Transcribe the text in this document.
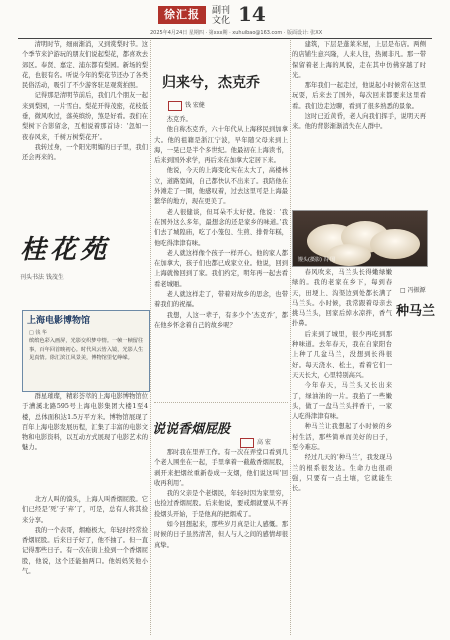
徐汇报	副刊
文化 14
2025年4月24日 星期四 · 第xxx期 · xuhuibao@163.com · 版面设计: 张XX

清明时节，细雨渐消，又到赏梨时节。这个季节来沪游玩的朋友们说起梨花，都喜欢去郊区。奉贤、嘉定、浦东都有梨园。新场的梨花，也很有名。听说今年的梨花节还办了各类民俗活动，吸引了不少游客驻足观赏拍照。

记得那是清明节前后，我们几个朋友一起来到梨园，一片雪白。梨花开得茂密，花枝低垂，微风吹过，落英缤纷，煞是好看。我们在梨树下合影留念，互相说着那首诗：‘忽如一夜春风来，千树万树梨花开’。

我转过身，一个阳光明媚的日子里，我们还会再来的。

桂花苑
刊头书法 钱茂生
上海电影博物馆
□ 钱 华
缤缤色彩入画屏，光影交织梦中情。一帧一帧留往事，百年回首映初心。时代风云皆入镜，光影人生见真情。徐汇滨江风景美，博物馆里忆峥嵘。

群星璀璨，精彩荟萃的上海电影博物馆位于漕溪北路595号上海电影集团大楼1至4楼，总体面积达1.5万平方米。博物馆展现了百年上海电影发展历程，汇集了丰富的电影文物和电影资料，以互动方式展现了电影艺术的魅力。

北方人叫的馍头，上海人叫香烟屁股。它们已经是‘死’子‘弃’了，可是，总有人将其捡来分享。

我的一个表哥，烟瘾极大，年轻时经常捡香烟屁股。后来日子好了，他不抽了。但一直记得那些日子。有一次在街上捡到一个香烟屁股，他说，这个还能抽两口。他妈妈笑他小气。

归来兮，杰克乔
钱 宏健

杰克乔。

他自称杰克乔，六十年代从上海移民到加拿大。他的祖籍是浙江宁波，早年随父母来到上海，一晃已是半个多世纪。他最初在上海读书，后来到国外求学，再后来在加拿大定居下来。

他说，今天的上海变化实在太大了，高楼林立，道路宽阔，自己都快认不出来了。我陪他在外滩走了一圈，他感叹着，过去这里可是上海最繁华的地方，现在更美了。

老人很健谈，但耳朵不太好使。他说：‘我在国外这么多年，最想念的还是家乡的味道。’我们去了城隍庙，吃了小笼包、生煎、排骨年糕，他吃得津津有味。

老人就这样像个孩子一样开心。他的家人都在加拿大，孩子们也都已成家立业。他说，回到上海就像回到了家。我们约定，明年再一起去看看老城厢。

老人就这样走了，带着对故乡的思念，也带着我们的祝福。

我想，人这一辈子，有多少个‘杰克乔’，都在他乡怀念着自己的故乡呢？

说说香烟屁股
高 宏

那时我在里弄工作。有一次在弄堂口看到几个老人围坐在一起，手里拿着一截截香烟屁股，剥开来把烟丝重新卷成一支烟，他们说这叫‘回收再利用’。

我的父亲是个老烟民，年轻时因为家里穷，也捡过香烟屁股。后来他说，要戒烟就要从不再捡烟头开始，于是他真的把烟戒了。

如今回想起来，那些岁月真是让人感慨。那时候的日子虽然清苦，但人与人之间的感情却很真挚。

建筑，下层是蓬莱米屋，上层是布店。两侧的店铺生意兴隆，人来人往，热闹非凡。那一带保留着老上海的风貌，走在其中仿佛穿越了时光。

那年我们一起走过，他说起小时候常在这里玩耍，后来去了国外，每次回来都要来这里看看。我们边走边聊，看到了很多熟悉的景象。

这时已近黄昏，老人向我们挥手，说明天再来。他的背影渐渐消失在人群中。

馒头(摄影) 冯 国
□ 冯振源
种马兰

春风吹来，马兰头长得嫩绿嫩绿的。我的老家在乡下，每到春天，田埂上、沟渠边到处都长满了马兰头。小时候，我常跟着母亲去挑马兰头，回家后焯水凉拌，香气扑鼻。

后来到了城里，很少再吃到那种味道。去年春天，我在自家阳台上种了几盆马兰，没想到长得很好。每天浇水、松土，看着它们一天天长大，心里特别高兴。

今年春天，马兰头又长出来了，绿油油的一片。我掐了一些嫩头，做了一盘马兰头拌香干，一家人吃得津津有味。

种马兰让我想起了小时候的乡村生活，那些简单而美好的日子，至今难忘。

经过几天的‘种马兰’，我发现马兰的根系很发达。生命力也很顽强，只要有一点土壤，它就能生长。
